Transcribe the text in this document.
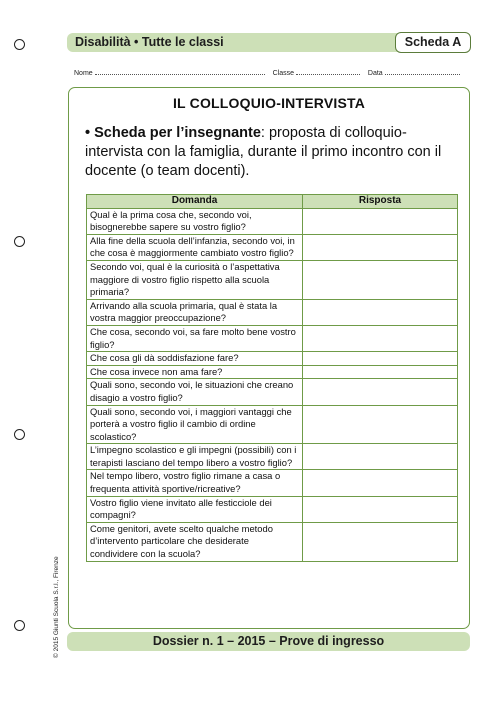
Disabilità • Tutte le classi	Scheda A
Nome	Classe	Data
IL COLLOQUIO-INTERVISTA
• Scheda per l’insegnante: proposta di colloquio-intervista con la famiglia, durante il primo incontro con il docente (o team docenti).
Domanda	Risposta
Qual è la prima cosa che, secondo voi, bisognerebbe sapere su vostro figlio?	
Alla fine della scuola dell’infanzia, secondo voi, in che cosa è maggiormente cambiato vostro figlio?	
Secondo voi, qual è la curiosità o l’aspettativa maggiore di vostro figlio rispetto alla scuola primaria?	
Arrivando alla scuola primaria, qual è stata la vostra maggior preoccupazione?	
Che cosa, secondo voi, sa fare molto bene vostro figlio?	
Che cosa gli dà soddisfazione fare?	
Che cosa invece non ama fare?	
Quali sono, secondo voi, le situazioni che creano disagio a vostro figlio?	
Quali sono, secondo voi, i maggiori vantaggi che porterà a vostro figlio il cambio di ordine scolastico?	
L’impegno scolastico e gli impegni (possibili) con i terapisti lasciano del tempo libero a vostro figlio?	
Nel tempo libero, vostro figlio rimane a casa o frequenta attività sportive/ricreative?	
Vostro figlio viene invitato alle festicciole dei compagni?	
Come genitori, avete scelto qualche metodo d’intervento particolare che desiderate condividere con la scuola?	
© 2015 Giunti Scuola S.r.l., Firenze	Dossier n. 1 – 2015 – Prove di ingresso
